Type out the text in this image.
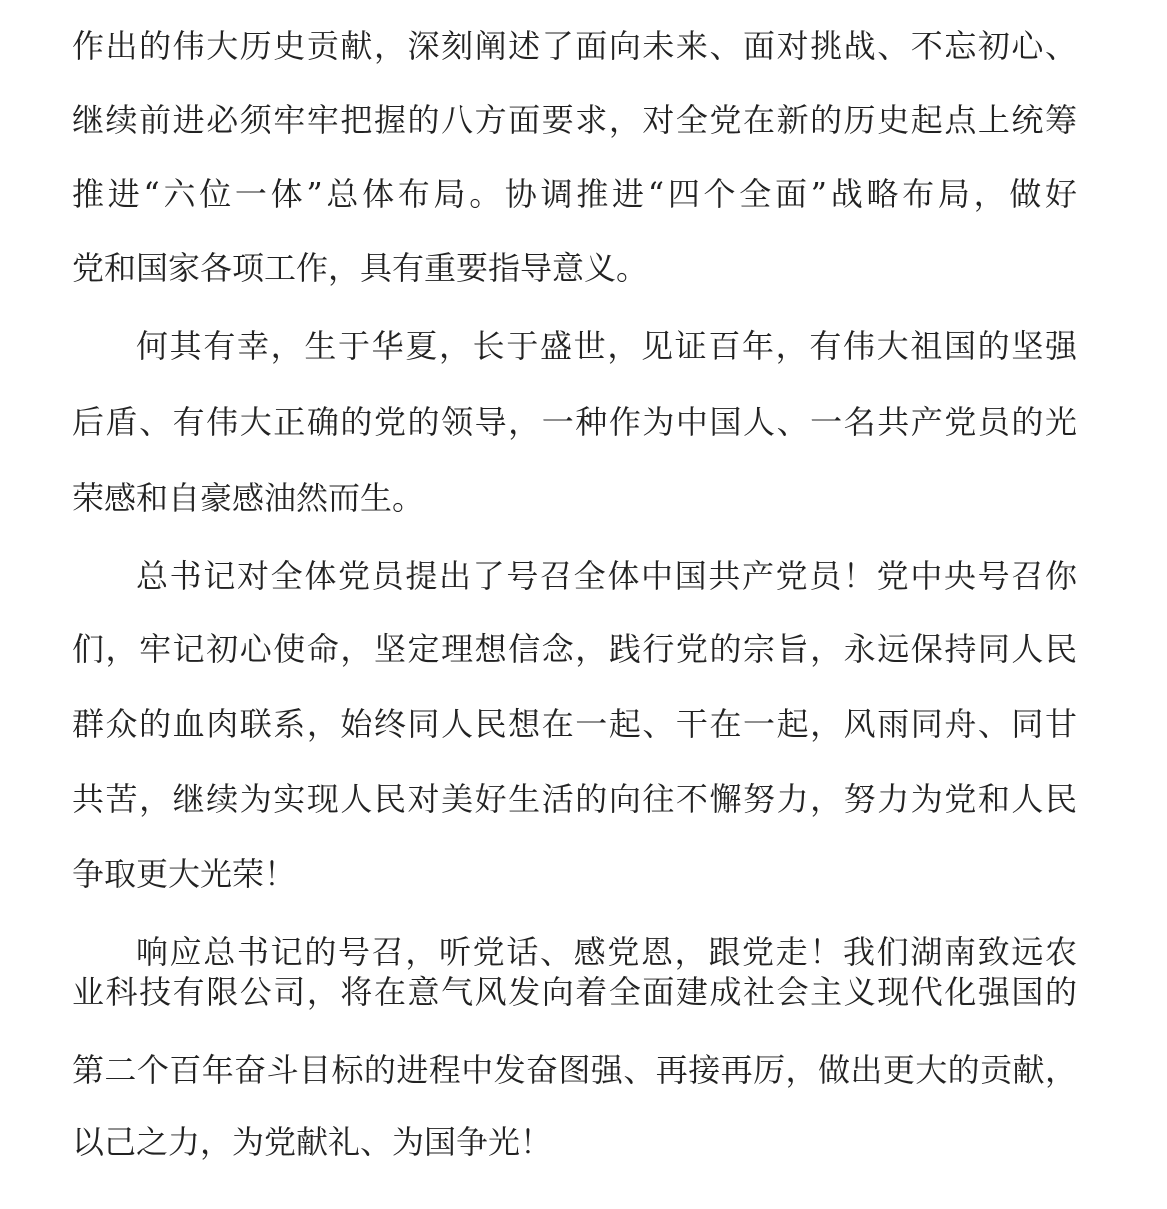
作出的伟大历史贡献，深刻阐述了面向未来、面对挑战、不忘初心、
继续前进必须牢牢把握的八方面要求，对全党在新的历史起点上统筹
推进“六位一体”总体布局。协调推进“四个全面”战略布局，做好
党和国家各项工作，具有重要指导意义。
何其有幸，生于华夏，长于盛世，见证百年，有伟大祖国的坚强
后盾、有伟大正确的党的领导，一种作为中国人、一名共产党员的光
荣感和自豪感油然而生。
总书记对全体党员提出了号召全体中国共产党员！党中央号召你
们，牢记初心使命，坚定理想信念，践行党的宗旨，永远保持同人民
群众的血肉联系，始终同人民想在一起、干在一起，风雨同舟、同甘
共苦，继续为实现人民对美好生活的向往不懈努力，努力为党和人民
争取更大光荣！
响应总书记的号召，听党话、感党恩，跟党走！我们湖南致远农
业科技有限公司，将在意气风发向着全面建成社会主义现代化强国的
第二个百年奋斗目标的进程中发奋图强、再接再厉，做出更大的贡献，
以己之力，为党献礼、为国争光！
